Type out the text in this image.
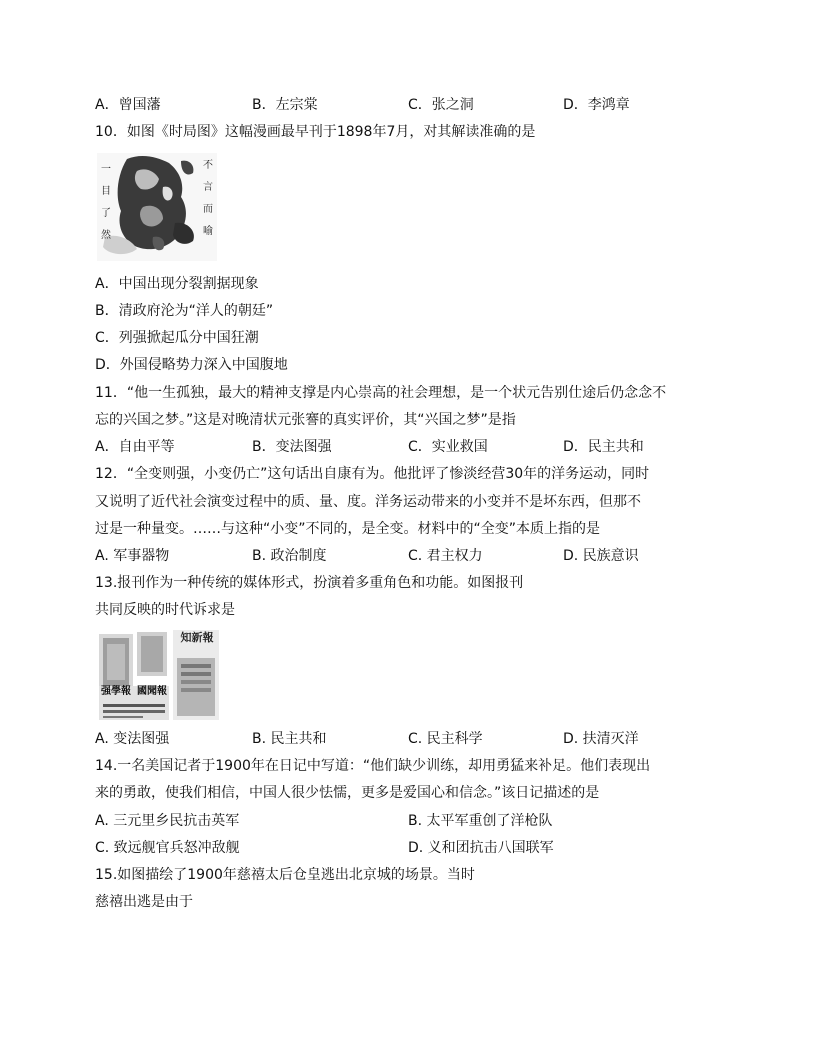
A．曾国藩	B．左宗棠	C．张之洞	D．李鸿章
10．如图《时局图》这幅漫画最早刊于1898年7月，对其解读准确的是
一
目
了
然
不
言
而
喻
A．中国出现分裂割据现象
B．清政府沦为“洋人的朝廷”
C．列强掀起瓜分中国狂潮
D．外国侵略势力深入中国腹地
11．“他一生孤独，最大的精神支撑是内心崇高的社会理想，是一个状元告别仕途后仍念念不
忘的兴国之梦。”这是对晚清状元张謇的真实评价，其“兴国之梦”是指
A．自由平等	B．变法图强	C．实业救国	D．民主共和
12．“全变则强，小变仍亡”这句话出自康有为。他批评了惨淡经营30年的洋务运动，同时
又说明了近代社会演变过程中的质、量、度。洋务运动带来的小变并不是坏东西，但那不
过是一种量变。……与这种“小变”不同的，是全变。材料中的“全变”本质上指的是
A. 军事器物	B. 政治制度	C. 君主权力	D. 民族意识
13.报刊作为一种传统的媒体形式，扮演着多重角色和功能。如图报刊
共同反映的时代诉求是
知新報
强學報 國聞報
A. 变法图强	B. 民主共和	C. 民主科学	D. 扶清灭洋
14.一名美国记者于1900年在日记中写道：“他们缺少训练，却用勇猛来补足。他们表现出
来的勇敢，使我们相信，中国人很少怯懦，更多是爱国心和信念。”该日记描述的是
A. 三元里乡民抗击英军	B. 太平军重创了洋枪队
C. 致远舰官兵怒冲敌舰	D. 义和团抗击八国联军
15.如图描绘了1900年慈禧太后仓皇逃出北京城的场景。当时
慈禧出逃是由于
